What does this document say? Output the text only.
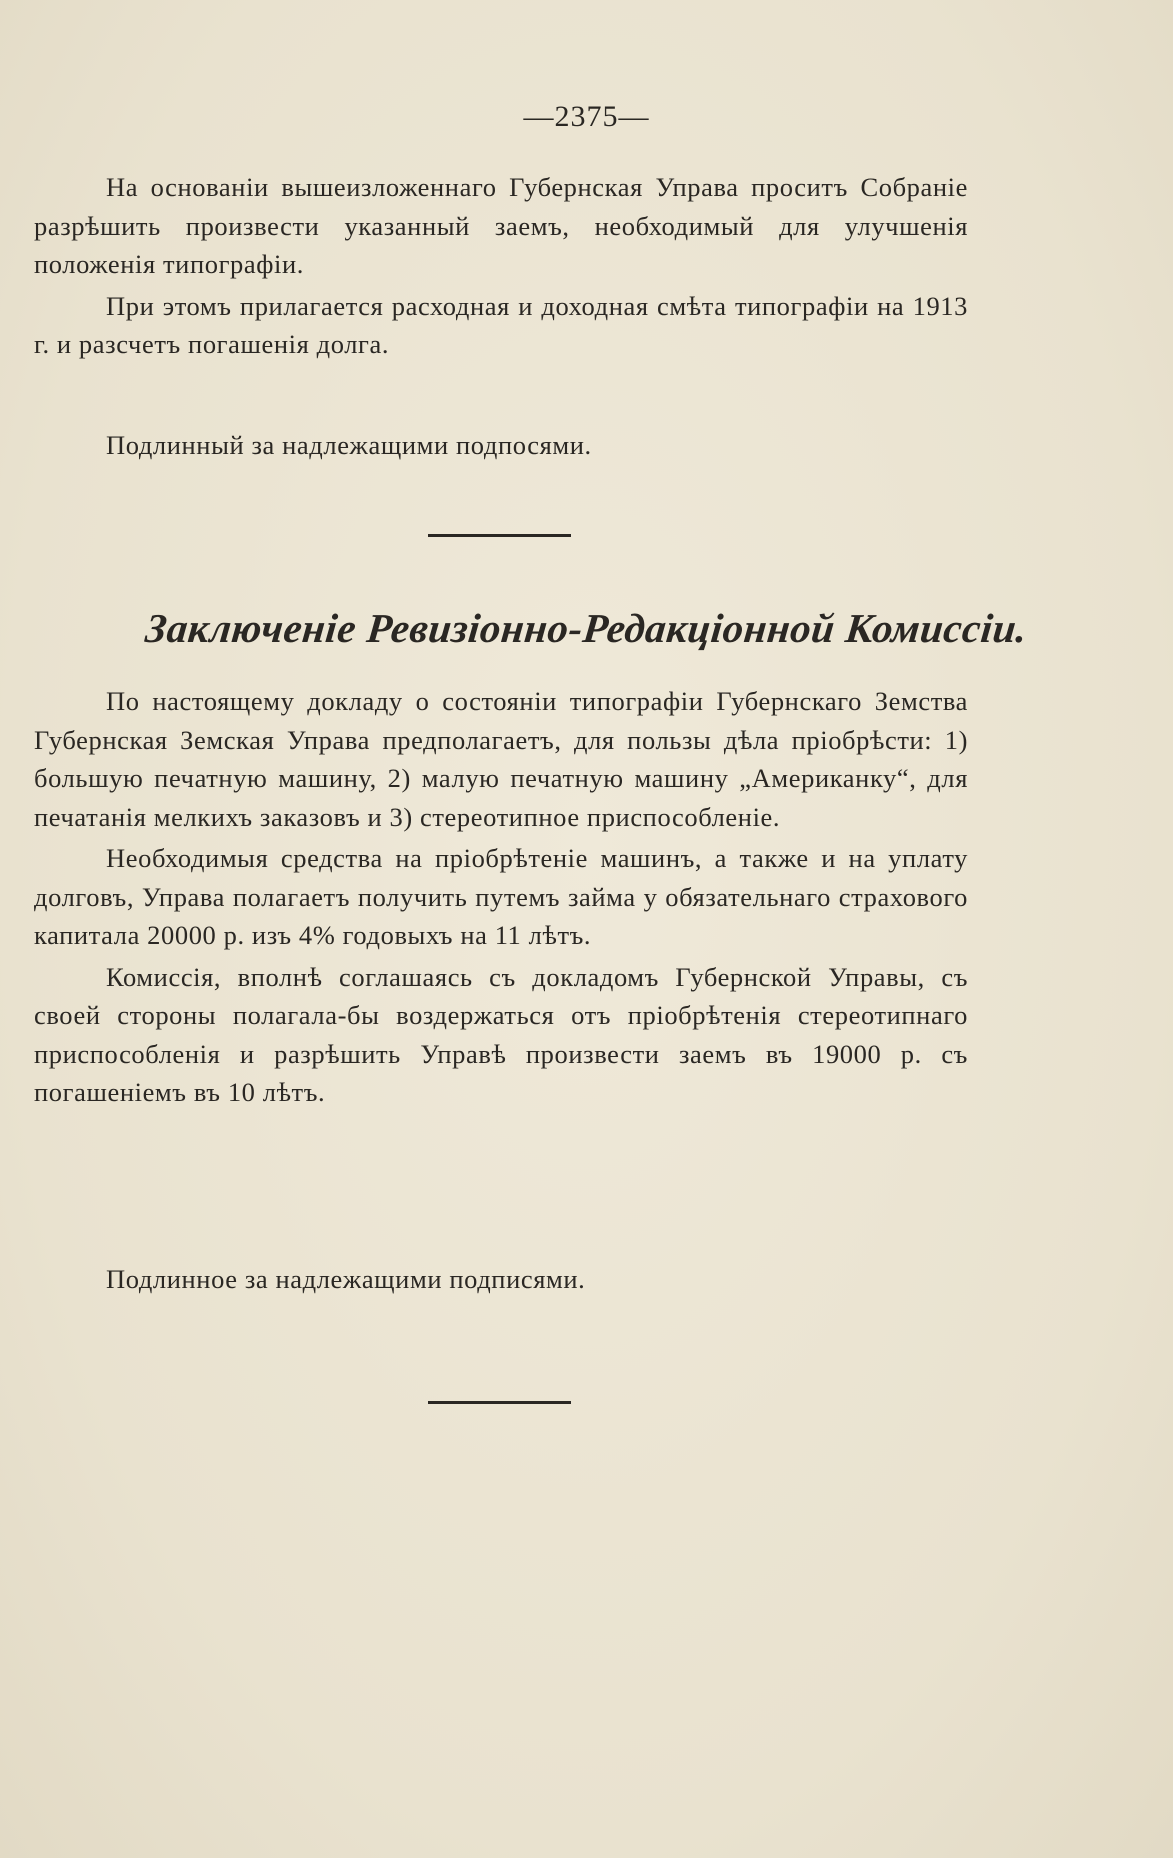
—2375—

На основаніи вышеизложеннаго Губернская Управа проситъ Собраніе разрѣшить произвести указанный заемъ, необходимый для улучшенія положенія типографіи.

При этомъ прилагается расходная и доходная смѣта типографіи на 1913 г. и разсчетъ погашенія долга.

Подлинный за надлежащими подпосями.
Заключеніе Ревизіонно-Редакціонной Комиссіи.

По настоящему докладу о состояніи типографіи Губернскаго Земства Губернская Земская Управа предполагаетъ, для пользы дѣла пріобрѣсти: 1) большую печатную машину, 2) малую печатную машину „Американку“, для печатанія мелкихъ заказовъ и 3) стереотипное приспособленіе.

Необходимыя средства на пріобрѣтеніе машинъ, а также и на уплату долговъ, Управа полагаетъ получить путемъ займа у обязательнаго страхового капитала 20000 р. изъ 4% годовыхъ на 11 лѣтъ.

Комиссія, вполнѣ соглашаясь съ докладомъ Губернской Управы, съ своей стороны полагала-бы воздержаться отъ пріобрѣтенія стереотипнаго приспособленія и разрѣшить Управѣ произвести заемъ въ 19000 р. съ погашеніемъ въ 10 лѣтъ.

Подлинное за надлежащими подписями.
